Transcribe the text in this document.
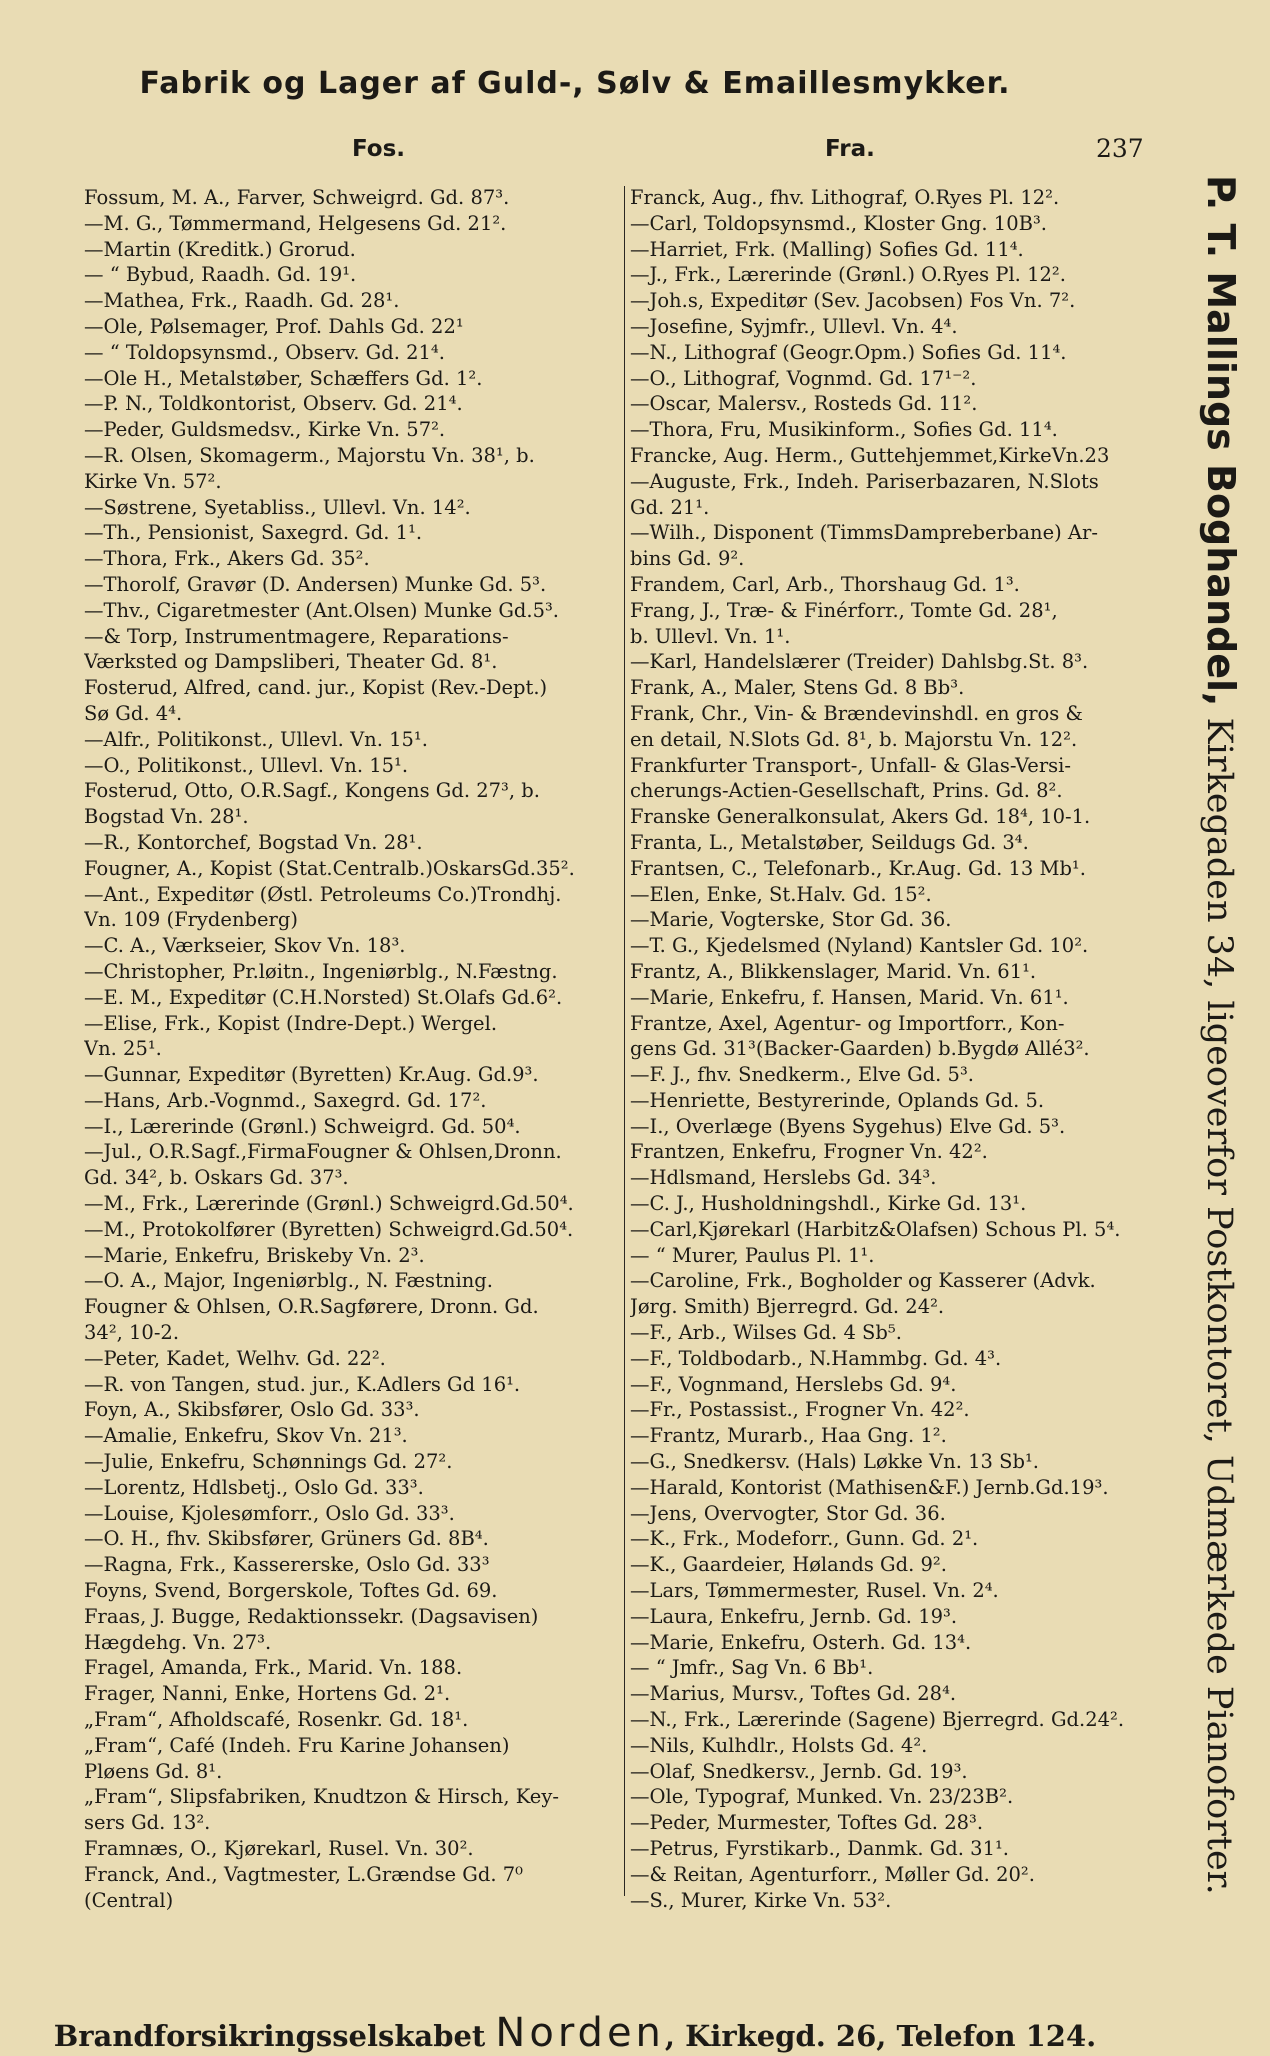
Fabrik og Lager af Guld-, Sølv & Emaillesmykker.
Fos.	Fra.	237
Fossum, M. A., Farver, Schweigrd. Gd. 87³.
—M. G., Tømmermand, Helgesens Gd. 21².
—Martin (Kreditk.) Grorud.
— “ Bybud, Raadh. Gd. 19¹.
—Mathea, Frk., Raadh. Gd. 28¹.
—Ole, Pølsemager, Prof. Dahls Gd. 22¹
— “ Toldopsynsmd., Observ. Gd. 21⁴.
—Ole H., Metalstøber, Schæffers Gd. 1².
—P. N., Toldkontorist, Observ. Gd. 21⁴.
—Peder, Guldsmedsv., Kirke Vn. 57².
—R. Olsen, Skomagerm., Majorstu Vn. 38¹, b.
Kirke Vn. 57².
—Søstrene, Syetabliss., Ullevl. Vn. 14².
—Th., Pensionist, Saxegrd. Gd. 1¹.
—Thora, Frk., Akers Gd. 35².
—Thorolf, Gravør (D. Andersen) Munke Gd. 5³.
—Thv., Cigaretmester (Ant.Olsen) Munke Gd.5³.
—& Torp, Instrumentmagere, Reparations-
Værksted og Dampsliberi, Theater Gd. 8¹.
Fosterud, Alfred, cand. jur., Kopist (Rev.-Dept.)
Sø Gd. 4⁴.
—Alfr., Politikonst., Ullevl. Vn. 15¹.
—O., Politikonst., Ullevl. Vn. 15¹.
Fosterud, Otto, O.R.Sagf., Kongens Gd. 27³, b.
Bogstad Vn. 28¹.
—R., Kontorchef, Bogstad Vn. 28¹.
Fougner, A., Kopist (Stat.Centralb.)OskarsGd.35².
—Ant., Expeditør (Østl. Petroleums Co.)Trondhj.
Vn. 109 (Frydenberg)
—C. A., Værkseier, Skov Vn. 18³.
—Christopher, Pr.løitn., Ingeniørblg., N.Fæstng.
—E. M., Expeditør (C.H.Norsted) St.Olafs Gd.6².
—Elise, Frk., Kopist (Indre-Dept.) Wergel.
Vn. 25¹.
—Gunnar, Expeditør (Byretten) Kr.Aug. Gd.9³.
—Hans, Arb.-Vognmd., Saxegrd. Gd. 17².
—I., Lærerinde (Grønl.) Schweigrd. Gd. 50⁴.
—Jul., O.R.Sagf.,FirmaFougner & Ohlsen,Dronn.
Gd. 34², b. Oskars Gd. 37³.
—M., Frk., Lærerinde (Grønl.) Schweigrd.Gd.50⁴.
—M., Protokolfører (Byretten) Schweigrd.Gd.50⁴.
—Marie, Enkefru, Briskeby Vn. 2³.
—O. A., Major, Ingeniørblg., N. Fæstning.
Fougner & Ohlsen, O.R.Sagførere, Dronn. Gd.
34², 10-2.
—Peter, Kadet, Welhv. Gd. 22².
—R. von Tangen, stud. jur., K.Adlers Gd 16¹.
Foyn, A., Skibsfører, Oslo Gd. 33³.
—Amalie, Enkefru, Skov Vn. 21³.
—Julie, Enkefru, Schønnings Gd. 27².
—Lorentz, Hdlsbetj., Oslo Gd. 33³.
—Louise, Kjolesømforr., Oslo Gd. 33³.
—O. H., fhv. Skibsfører, Grüners Gd. 8B⁴.
—Ragna, Frk., Kassererske, Oslo Gd. 33³
Foyns, Svend, Borgerskole, Toftes Gd. 69.
Fraas, J. Bugge, Redaktionssekr. (Dagsavisen)
Hægdehg. Vn. 27³.
Fragel, Amanda, Frk., Marid. Vn. 188.
Frager, Nanni, Enke, Hortens Gd. 2¹.
„Fram“, Afholdscafé, Rosenkr. Gd. 18¹.
„Fram“, Café (Indeh. Fru Karine Johansen)
Pløens Gd. 8¹.
„Fram“, Slipsfabriken, Knudtzon & Hirsch, Key-
sers Gd. 13².
Framnæs, O., Kjørekarl, Rusel. Vn. 30².
Franck, And., Vagtmester, L.Grændse Gd. 7⁰
(Central)
Franck, Aug., fhv. Lithograf, O.Ryes Pl. 12².
—Carl, Toldopsynsmd., Kloster Gng. 10B³.
—Harriet, Frk. (Malling) Sofies Gd. 11⁴.
—J., Frk., Lærerinde (Grønl.) O.Ryes Pl. 12².
—Joh.s, Expeditør (Sev. Jacobsen) Fos Vn. 7².
—Josefine, Syjmfr., Ullevl. Vn. 4⁴.
—N., Lithograf (Geogr.Opm.) Sofies Gd. 11⁴.
—O., Lithograf, Vognmd. Gd. 17¹⁻².
—Oscar, Malersv., Rosteds Gd. 11².
—Thora, Fru, Musikinform., Sofies Gd. 11⁴.
Francke, Aug. Herm., Guttehjemmet,KirkeVn.23
—Auguste, Frk., Indeh. Pariserbazaren, N.Slots
Gd. 21¹.
—Wilh., Disponent (TimmsDampreberbane) Ar-
bins Gd. 9².
Frandem, Carl, Arb., Thorshaug Gd. 1³.
Frang, J., Træ- & Finérforr., Tomte Gd. 28¹,
b. Ullevl. Vn. 1¹.
—Karl, Handelslærer (Treider) Dahlsbg.St. 8³.
Frank, A., Maler, Stens Gd. 8 Bb³.
Frank, Chr., Vin- & Brændevinshdl. en gros &
en detail, N.Slots Gd. 8¹, b. Majorstu Vn. 12².
Frankfurter Transport-, Unfall- & Glas-Versi-
cherungs-Actien-Gesellschaft, Prins. Gd. 8².
Franske Generalkonsulat, Akers Gd. 18⁴, 10-1.
Franta, L., Metalstøber, Seildugs Gd. 3⁴.
Frantsen, C., Telefonarb., Kr.Aug. Gd. 13 Mb¹.
—Elen, Enke, St.Halv. Gd. 15².
—Marie, Vogterske, Stor Gd. 36.
—T. G., Kjedelsmed (Nyland) Kantsler Gd. 10².
Frantz, A., Blikkenslager, Marid. Vn. 61¹.
—Marie, Enkefru, f. Hansen, Marid. Vn. 61¹.
Frantze, Axel, Agentur- og Importforr., Kon-
gens Gd. 31³(Backer-Gaarden) b.Bygdø Allé3².
—F. J., fhv. Snedkerm., Elve Gd. 5³.
—Henriette, Bestyrerinde, Oplands Gd. 5.
—I., Overlæge (Byens Sygehus) Elve Gd. 5³.
Frantzen, Enkefru, Frogner Vn. 42².
—Hdlsmand, Herslebs Gd. 34³.
—C. J., Husholdningshdl., Kirke Gd. 13¹.
—Carl,Kjørekarl (Harbitz&Olafsen) Schous Pl. 5⁴.
— “ Murer, Paulus Pl. 1¹.
—Caroline, Frk., Bogholder og Kasserer (Advk.
Jørg. Smith) Bjerregrd. Gd. 24².
—F., Arb., Wilses Gd. 4 Sb⁵.
—F., Toldbodarb., N.Hammbg. Gd. 4³.
—F., Vognmand, Herslebs Gd. 9⁴.
—Fr., Postassist., Frogner Vn. 42².
—Frantz, Murarb., Haa Gng. 1².
—G., Snedkersv. (Hals) Løkke Vn. 13 Sb¹.
—Harald, Kontorist (Mathisen&F.) Jernb.Gd.19³.
—Jens, Overvogter, Stor Gd. 36.
—K., Frk., Modeforr., Gunn. Gd. 2¹.
—K., Gaardeier, Hølands Gd. 9².
—Lars, Tømmermester, Rusel. Vn. 2⁴.
—Laura, Enkefru, Jernb. Gd. 19³.
—Marie, Enkefru, Osterh. Gd. 13⁴.
— “ Jmfr., Sag Vn. 6 Bb¹.
—Marius, Mursv., Toftes Gd. 28⁴.
—N., Frk., Lærerinde (Sagene) Bjerregrd. Gd.24².
—Nils, Kulhdlr., Holsts Gd. 4².
—Olaf, Snedkersv., Jernb. Gd. 19³.
—Ole, Typograf, Munked. Vn. 23/23B².
—Peder, Murmester, Toftes Gd. 28³.
—Petrus, Fyrstikarb., Danmk. Gd. 31¹.
—& Reitan, Agenturforr., Møller Gd. 20².
—S., Murer, Kirke Vn. 53².
P. T. Mallings Boghandel, Kirkegaden 34, ligeoverfor Postkontoret, Udmærkede Pianoforter.
Brandforsikringsselskabet Norden, Kirkegd. 26, Telefon 124.
